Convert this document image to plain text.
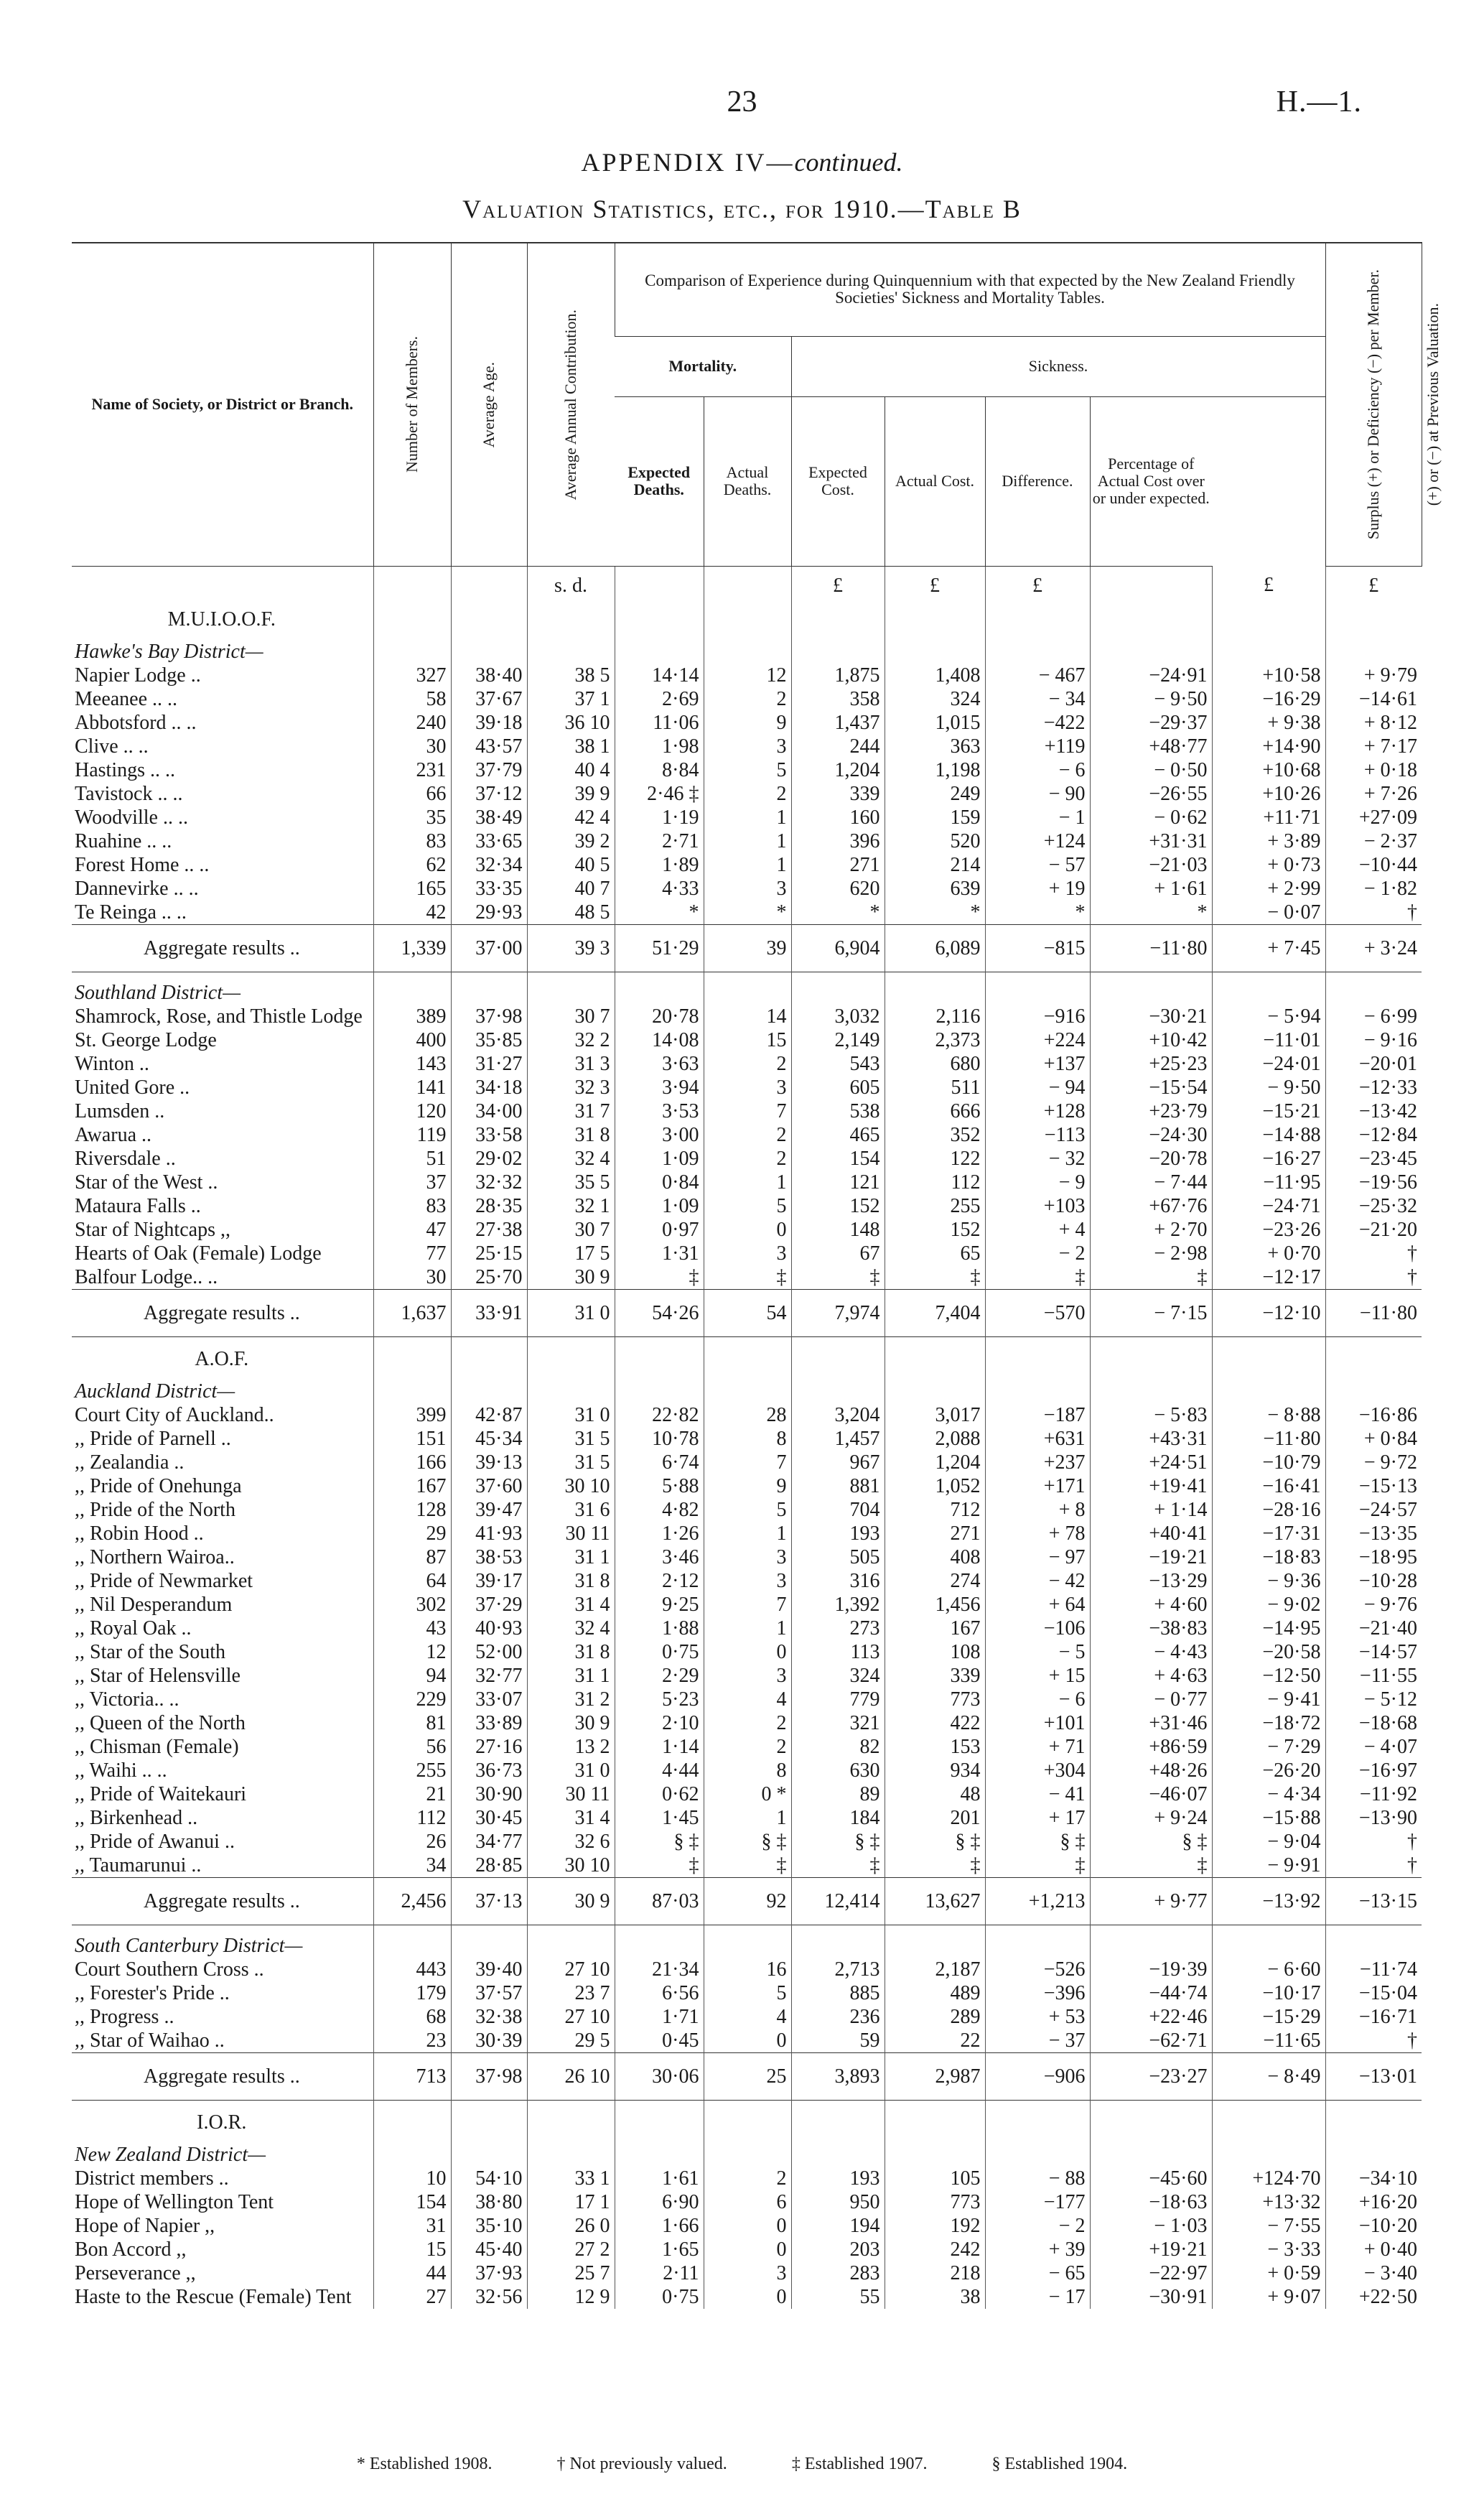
23	H.—1.
APPENDIX IV—continued.
Valuation Statistics, etc., for 1910.—Table B
Name of Society, or District or Branch.	Number of Members.	Average Age.	Average Annual Contribution.	Comparison of Experience during Quinquennium with that expected by the New Zealand Friendly Societies' Sickness and Mortality Tables.							Surplus (+) or Deficiency (−) per Member.	(+) or (−) at Previous Valuation.

				Mortality.		Sickness.						
				Expected Deaths.	Actual Deaths.	Expected Cost.	Actual Cost.	Difference.	Percentage of Actual Cost over or under expected.			
			s. d.			£	£	£		£	£	
M.U.I.O.O.F.												
Hawke's Bay District—												
Napier Lodge ..	327	38·40	38 5	14·14	12	1,875	1,408	− 467	−24·91	+10·58	+ 9·79	
Meeanee .. ..	58	37·67	37 1	2·69	2	358	324	− 34	− 9·50	−16·29	−14·61	
Abbotsford .. ..	240	39·18	36 10	11·06	9	1,437	1,015	−422	−29·37	+ 9·38	+ 8·12	
Clive .. ..	30	43·57	38 1	1·98	3	244	363	+119	+48·77	+14·90	+ 7·17	
Hastings .. ..	231	37·79	40 4	8·84	5	1,204	1,198	− 6	− 0·50	+10·68	+ 0·18	
Tavistock .. ..	66	37·12	39 9	2·46 ‡	2	339	249	− 90	−26·55	+10·26	+ 7·26	
Woodville .. ..	35	38·49	42 4	1·19	1	160	159	− 1	− 0·62	+11·71	+27·09	
Ruahine .. ..	83	33·65	39 2	2·71	1	396	520	+124	+31·31	+ 3·89	− 2·37	
Forest Home .. ..	62	32·34	40 5	1·89	1	271	214	− 57	−21·03	+ 0·73	−10·44	
Dannevirke .. ..	165	33·35	40 7	4·33	3	620	639	+ 19	+ 1·61	+ 2·99	− 1·82	
Te Reinga .. ..	42	29·93	48 5	*	*	*	*	*	*	− 0·07	†	
Aggregate results ..	1,339	37·00	39 3	51·29	39	6,904	6,089	−815	−11·80	+ 7·45	+ 3·24	
Southland District—												
Shamrock, Rose, and Thistle Lodge	389	37·98	30 7	20·78	14	3,032	2,116	−916	−30·21	− 5·94	− 6·99	
St. George Lodge	400	35·85	32 2	14·08	15	2,149	2,373	+224	+10·42	−11·01	− 9·16	
Winton ..	143	31·27	31 3	3·63	2	543	680	+137	+25·23	−24·01	−20·01	
United Gore ..	141	34·18	32 3	3·94	3	605	511	− 94	−15·54	− 9·50	−12·33	
Lumsden ..	120	34·00	31 7	3·53	7	538	666	+128	+23·79	−15·21	−13·42	
Awarua ..	119	33·58	31 8	3·00	2	465	352	−113	−24·30	−14·88	−12·84	
Riversdale ..	51	29·02	32 4	1·09	2	154	122	− 32	−20·78	−16·27	−23·45	
Star of the West ..	37	32·32	35 5	0·84	1	121	112	− 9	− 7·44	−11·95	−19·56	
Mataura Falls ..	83	28·35	32 1	1·09	5	152	255	+103	+67·76	−24·71	−25·32	
Star of Nightcaps ,,	47	27·38	30 7	0·97	0	148	152	+ 4	+ 2·70	−23·26	−21·20	
Hearts of Oak (Female) Lodge	77	25·15	17 5	1·31	3	67	65	− 2	− 2·98	+ 0·70	†	
Balfour Lodge.. ..	30	25·70	30 9	‡	‡	‡	‡	‡	‡	−12·17	†	
Aggregate results ..	1,637	33·91	31 0	54·26	54	7,974	7,404	−570	− 7·15	−12·10	−11·80	
A.O.F.												
Auckland District—												
Court City of Auckland..	399	42·87	31 0	22·82	28	3,204	3,017	−187	− 5·83	− 8·88	−16·86	
,, Pride of Parnell ..	151	45·34	31 5	10·78	8	1,457	2,088	+631	+43·31	−11·80	+ 0·84	
,, Zealandia ..	166	39·13	31 5	6·74	7	967	1,204	+237	+24·51	−10·79	− 9·72	
,, Pride of Onehunga	167	37·60	30 10	5·88	9	881	1,052	+171	+19·41	−16·41	−15·13	
,, Pride of the North	128	39·47	31 6	4·82	5	704	712	+ 8	+ 1·14	−28·16	−24·57	
,, Robin Hood ..	29	41·93	30 11	1·26	1	193	271	+ 78	+40·41	−17·31	−13·35	
,, Northern Wairoa..	87	38·53	31 1	3·46	3	505	408	− 97	−19·21	−18·83	−18·95	
,, Pride of Newmarket	64	39·17	31 8	2·12	3	316	274	− 42	−13·29	− 9·36	−10·28	
,, Nil Desperandum	302	37·29	31 4	9·25	7	1,392	1,456	+ 64	+ 4·60	− 9·02	− 9·76	
,, Royal Oak ..	43	40·93	32 4	1·88	1	273	167	−106	−38·83	−14·95	−21·40	
,, Star of the South	12	52·00	31 8	0·75	0	113	108	− 5	− 4·43	−20·58	−14·57	
,, Star of Helensville	94	32·77	31 1	2·29	3	324	339	+ 15	+ 4·63	−12·50	−11·55	
,, Victoria.. ..	229	33·07	31 2	5·23	4	779	773	− 6	− 0·77	− 9·41	− 5·12	
,, Queen of the North	81	33·89	30 9	2·10	2	321	422	+101	+31·46	−18·72	−18·68	
,, Chisman (Female)	56	27·16	13 2	1·14	2	82	153	+ 71	+86·59	− 7·29	− 4·07	
,, Waihi .. ..	255	36·73	31 0	4·44	8	630	934	+304	+48·26	−26·20	−16·97	
,, Pride of Waitekauri	21	30·90	30 11	0·62	0 *	89	48	− 41	−46·07	− 4·34	−11·92	
,, Birkenhead ..	112	30·45	31 4	1·45	1	184	201	+ 17	+ 9·24	−15·88	−13·90	
,, Pride of Awanui ..	26	34·77	32 6	§ ‡	§ ‡	§ ‡	§ ‡	§ ‡	§ ‡	− 9·04	†	
,, Taumarunui ..	34	28·85	30 10	‡	‡	‡	‡	‡	‡	− 9·91	†	
Aggregate results ..	2,456	37·13	30 9	87·03	92	12,414	13,627	+1,213	+ 9·77	−13·92	−13·15	
South Canterbury District—												
Court Southern Cross ..	443	39·40	27 10	21·34	16	2,713	2,187	−526	−19·39	− 6·60	−11·74	
,, Forester's Pride ..	179	37·57	23 7	6·56	5	885	489	−396	−44·74	−10·17	−15·04	
,, Progress ..	68	32·38	27 10	1·71	4	236	289	+ 53	+22·46	−15·29	−16·71	
,, Star of Waihao ..	23	30·39	29 5	0·45	0	59	22	− 37	−62·71	−11·65	†	
Aggregate results ..	713	37·98	26 10	30·06	25	3,893	2,987	−906	−23·27	− 8·49	−13·01	
I.O.R.												
New Zealand District—												
District members ..	10	54·10	33 1	1·61	2	193	105	− 88	−45·60	+124·70	−34·10	
Hope of Wellington Tent	154	38·80	17 1	6·90	6	950	773	−177	−18·63	+13·32	+16·20	
Hope of Napier ,,	31	35·10	26 0	1·66	0	194	192	− 2	− 1·03	− 7·55	−10·20	
Bon Accord ,,	15	45·40	27 2	1·65	0	203	242	+ 39	+19·21	− 3·33	+ 0·40	
Perseverance ,,	44	37·93	25 7	2·11	3	283	218	− 65	−22·97	+ 0·59	− 3·40	
Haste to the Rescue (Female) Tent	27	32·56	12 9	0·75	0	55	38	− 17	−30·91	+ 9·07	+22·50	
* Established 1908.	† Not previously valued.	‡ Established 1907.	§ Established 1904.
